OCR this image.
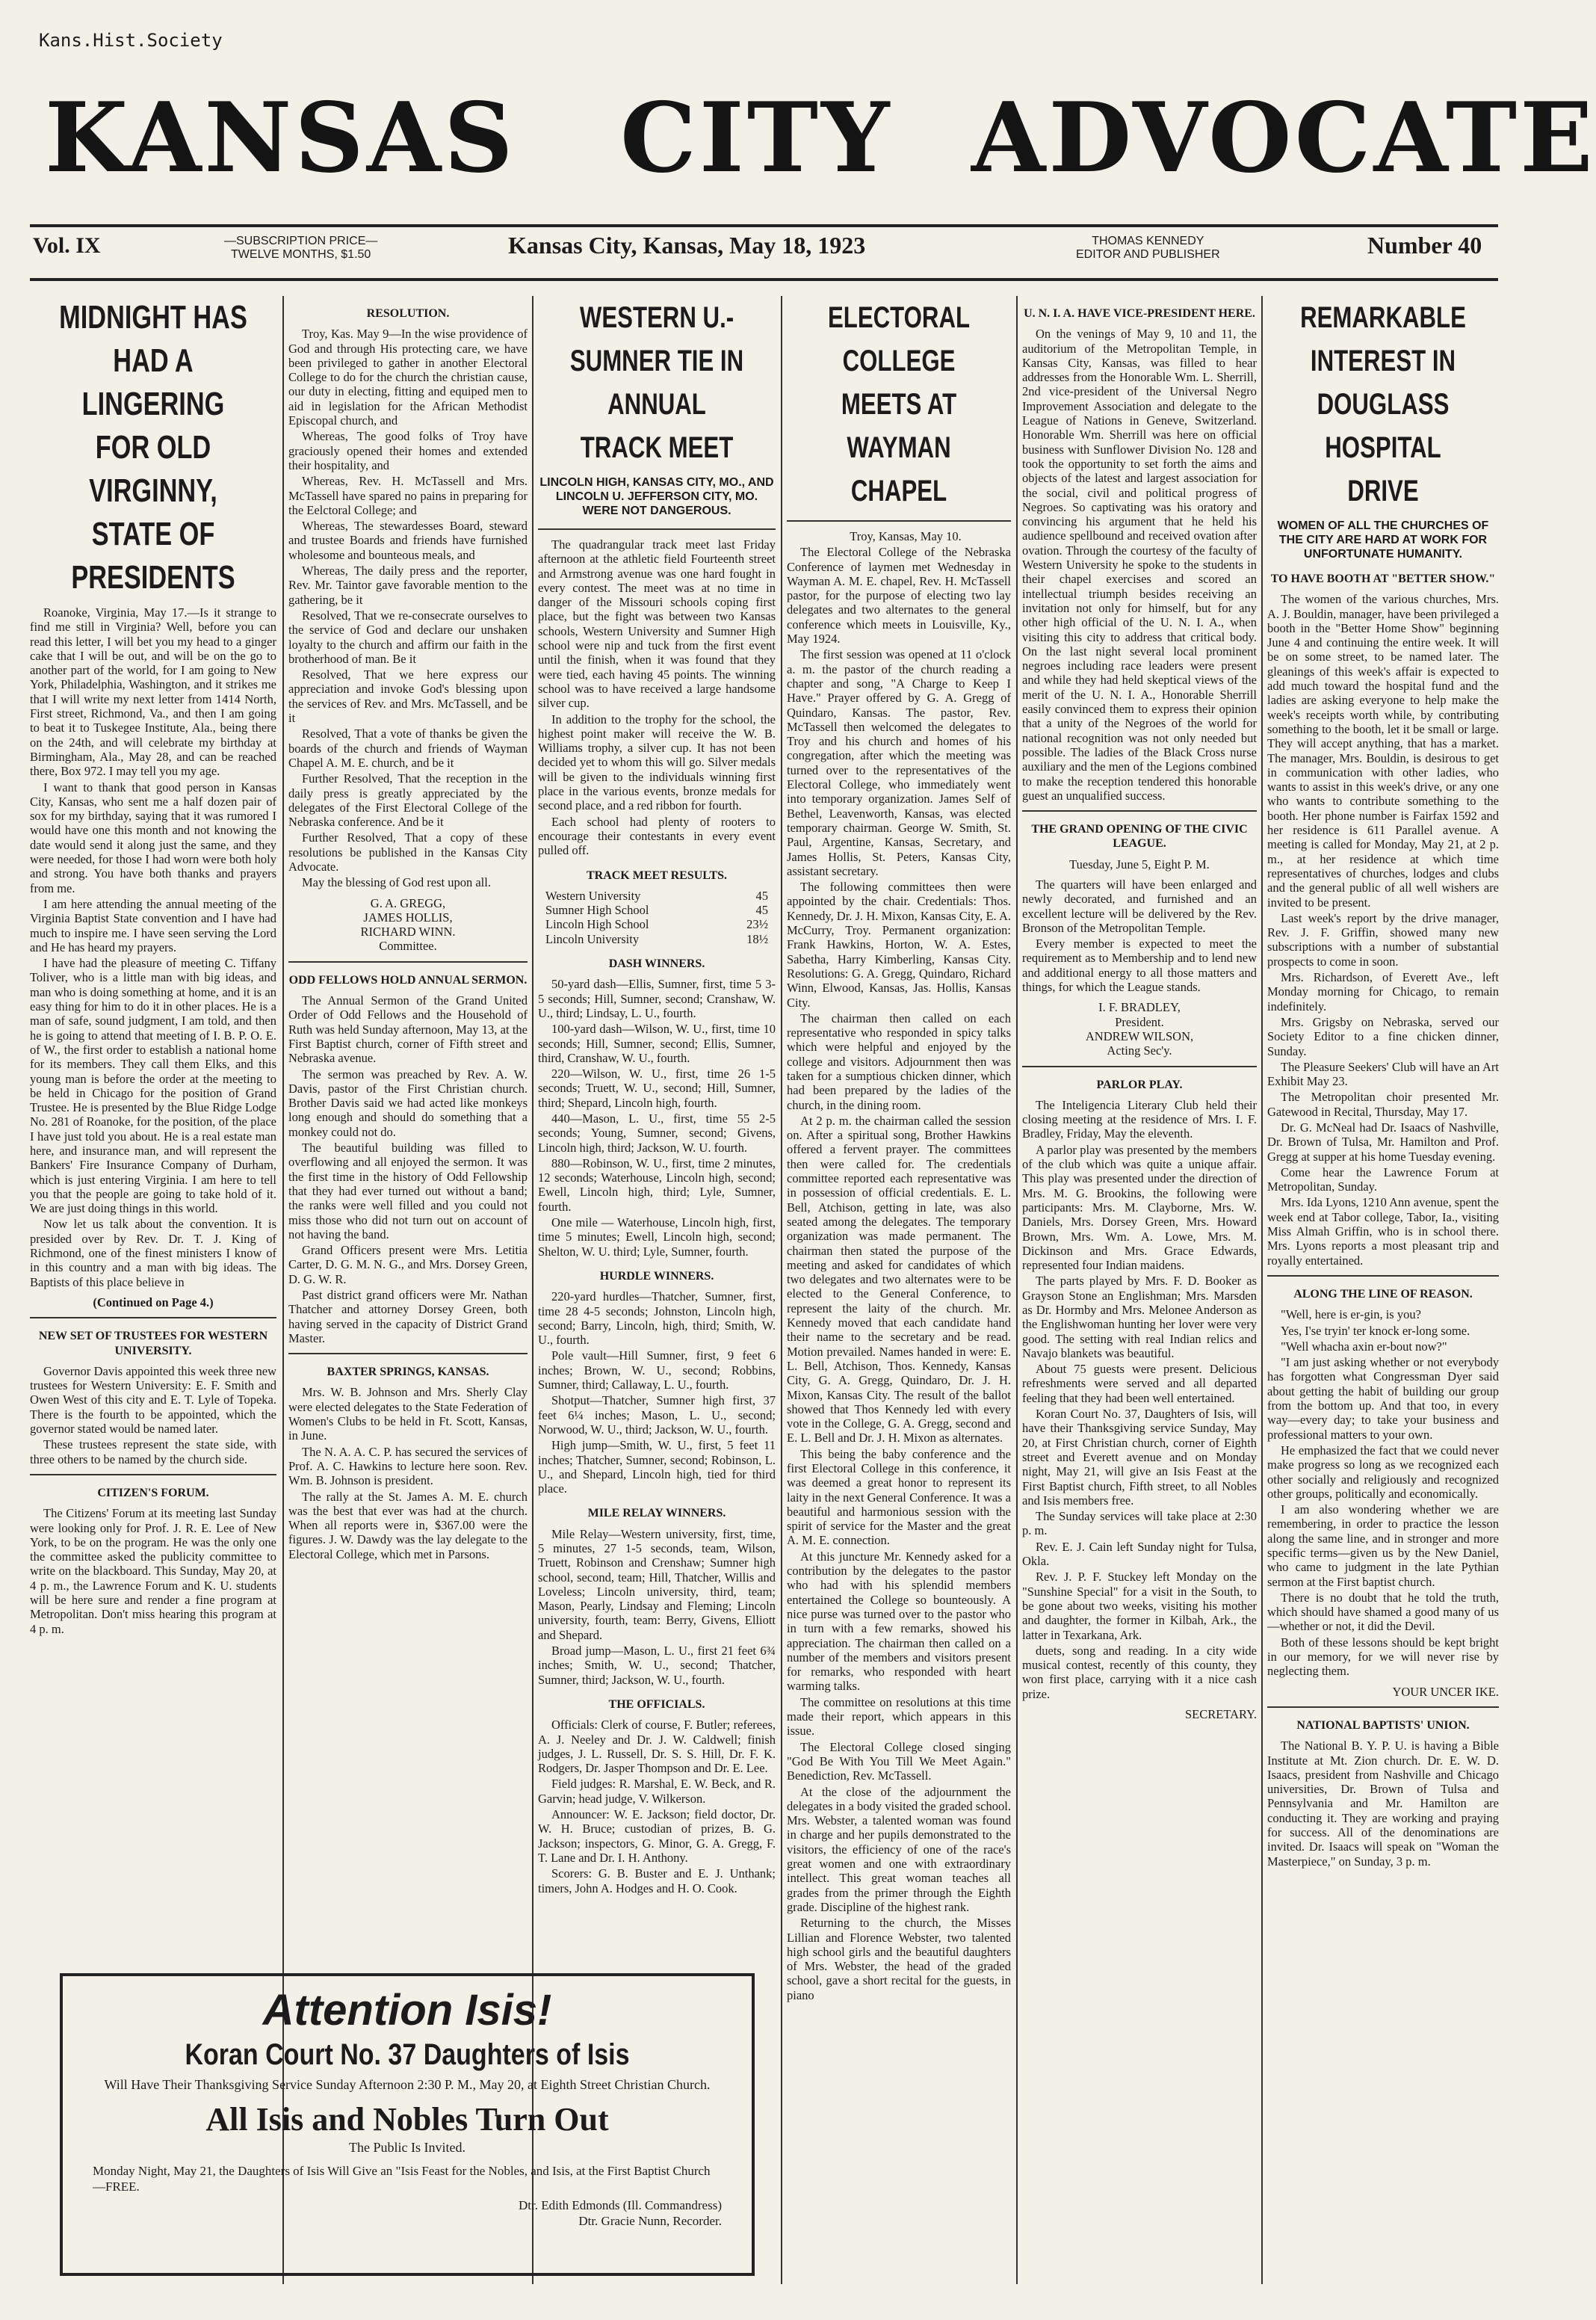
Kans.Hist.Society
KANSAS CITY ADVOCATE
Vol. IX	—SUBSCRIPTION PRICE—
TWELVE MONTHS, $1.50	Kansas City, Kansas, May 18, 1923	THOMAS KENNEDY
EDITOR AND PUBLISHER	Number 40
MIDNIGHT HAS HAD A LINGERING FOR OLD VIRGINNY, STATE OF PRESIDENTS

Roanoke, Virginia, May 17.—Is it strange to find me still in Virginia? Well, before you can read this letter, I will bet you my head to a ginger cake that I will be out, and will be on the go to another part of the world, for I am going to New York, Philadelphia, Washington, and it strikes me that I will write my next letter from 1414 North, First street, Richmond, Va., and then I am going to beat it to Tuskegee Institute, Ala., being there on the 24th, and will celebrate my birthday at Birmingham, Ala., May 28, and can be reached there, Box 972. I may tell you my age.

I want to thank that good person in Kansas City, Kansas, who sent me a half dozen pair of sox for my birthday, saying that it was rumored I would have one this month and not knowing the date would send it along just the same, and they were needed, for those I had worn were both holy and strong. You have both thanks and prayers from me.

I am here attending the annual meeting of the Virginia Baptist State convention and I have had much to inspire me. I have seen serving the Lord and He has heard my prayers.

I have had the pleasure of meeting C. Tiffany Toliver, who is a little man with big ideas, and man who is doing something at home, and it is an easy thing for him to do it in other places. He is a man of safe, sound judgment, I am told, and then he is going to attend that meeting of I. B. P. O. E. of W., the first order to establish a national home for its members. They call them Elks, and this young man is before the order at the meeting to be held in Chicago for the position of Grand Trustee. He is presented by the Blue Ridge Lodge No. 281 of Roanoke, for the position, of the place I have just told you about. He is a real estate man here, and insurance man, and will represent the Bankers' Fire Insurance Company of Durham, which is just entering Virginia. I am here to tell you that the people are going to take hold of it. We are just doing things in this world.

Now let us talk about the convention. It is presided over by Rev. Dr. T. J. King of Richmond, one of the finest ministers I know of in this country and a man with big ideas. The Baptists of this place believe in

(Continued on Page 4.)
NEW SET OF TRUSTEES FOR WESTERN UNIVERSITY.

Governor Davis appointed this week three new trustees for Western University: E. F. Smith and Owen West of this city and E. T. Lyle of Topeka. There is the fourth to be appointed, which the governor stated would be named later.

These trustees represent the state side, with three others to be named by the church side.

CITIZEN'S FORUM.

The Citizens' Forum at its meeting last Sunday were looking only for Prof. J. R. E. Lee of New York, to be on the program. He was the only one the committee asked the publicity committee to write on the blackboard. This Sunday, May 20, at 4 p. m., the Lawrence Forum and K. U. students will be here sure and render a fine program at Metropolitan. Don't miss hearing this program at 4 p. m.

RESOLUTION.

Troy, Kas. May 9—In the wise providence of God and through His protecting care, we have been privileged to gather in another Electoral College to do for the church the christian cause, our duty in electing, fitting and equiped men to aid in legislation for the African Methodist Episcopal church, and

Whereas, The good folks of Troy have graciously opened their homes and extended their hospitality, and

Whereas, Rev. H. McTassell and Mrs. McTassell have spared no pains in preparing for the Eelctoral College; and

Whereas, The stewardesses Board, steward and trustee Boards and friends have furnished wholesome and bounteous meals, and

Whereas, The daily press and the reporter, Rev. Mr. Taintor gave favorable mention to the gathering, be it

Resolved, That we re-consecrate ourselves to the service of God and declare our unshaken loyalty to the church and affirm our faith in the brotherhood of man. Be it

Resolved, That we here express our appreciation and invoke God's blessing upon the services of Rev. and Mrs. McTassell, and be it

Resolved, That a vote of thanks be given the boards of the church and friends of Wayman Chapel A. M. E. church, and be it

Further Resolved, That the reception in the daily press is greatly appreciated by the delegates of the First Electoral College of the Nebraska conference. And be it

Further Resolved, That a copy of these resolutions be published in the Kansas City Advocate.

May the blessing of God rest upon all.

G. A. GREGG,
JAMES HOLLIS,
RICHARD WINN.
Committee.
ODD FELLOWS HOLD ANNUAL SERMON.

The Annual Sermon of the Grand United Order of Odd Fellows and the Household of Ruth was held Sunday afternoon, May 13, at the First Baptist church, corner of Fifth street and Nebraska avenue.

The sermon was preached by Rev. A. W. Davis, pastor of the First Christian church. Brother Davis said we had acted like monkeys long enough and should do something that a monkey could not do.

The beautiful building was filled to overflowing and all enjoyed the sermon. It was the first time in the history of Odd Fellowship that they had ever turned out without a band; the ranks were well filled and you could not miss those who did not turn out on account of not having the band.

Grand Officers present were Mrs. Letitia Carter, D. G. M. N. G., and Mrs. Dorsey Green, D. G. W. R.

Past district grand officers were Mr. Nathan Thatcher and attorney Dorsey Green, both having served in the capacity of District Grand Master.

BAXTER SPRINGS, KANSAS.

Mrs. W. B. Johnson and Mrs. Sherly Clay were elected delegates to the State Federation of Women's Clubs to be held in Ft. Scott, Kansas, in June.

The N. A. A. C. P. has secured the services of Prof. A. C. Hawkins to lecture here soon. Rev. Wm. B. Johnson is president.

The rally at the St. James A. M. E. church was the best that ever was had at the church. When all reports were in, $367.00 were the figures. J. W. Dawdy was the lay delegate to the Electoral College, which met in Parsons.

WESTERN U.-SUMNER TIE IN ANNUAL TRACK MEET
LINCOLN HIGH, KANSAS CITY, MO., AND LINCOLN U. JEFFERSON CITY, MO. WERE NOT DANGEROUS.

The quadrangular track meet last Friday afternoon at the athletic field Fourteenth street and Armstrong avenue was one hard fought in every contest. The meet was at no time in danger of the Missouri schools coping first place, but the fight was between two Kansas schools, Western University and Sumner High school were nip and tuck from the first event until the finish, when it was found that they were tied, each having 45 points. The winning school was to have received a large handsome silver cup.

In addition to the trophy for the school, the highest point maker will receive the W. B. Williams trophy, a silver cup. It has not been decided yet to whom this will go. Silver medals will be given to the individuals winning first place in the various events, bronze medals for second place, and a red ribbon for fourth.

Each school had plenty of rooters to encourage their contestants in every event pulled off.

TRACK MEET RESULTS.
Western University	45
Sumner High School	45
Lincoln High School	23½
Lincoln University	18½
DASH WINNERS.

50-yard dash—Ellis, Sumner, first, time 5 3-5 seconds; Hill, Sumner, second; Cranshaw, W. U., third; Lindsay, L. U., fourth.

100-yard dash—Wilson, W. U., first, time 10 seconds; Hill, Sumner, second; Ellis, Sumner, third, Cranshaw, W. U., fourth.

220—Wilson, W. U., first, time 26 1-5 seconds; Truett, W. U., second; Hill, Sumner, third; Shepard, Lincoln high, fourth.

440—Mason, L. U., first, time 55 2-5 seconds; Young, Sumner, second; Givens, Lincoln high, third; Jackson, W. U. fourth.

880—Robinson, W. U., first, time 2 minutes, 12 seconds; Waterhouse, Lincoln high, second; Ewell, Lincoln high, third; Lyle, Sumner, fourth.

One mile — Waterhouse, Lincoln high, first, time 5 minutes; Ewell, Lincoln high, second; Shelton, W. U. third; Lyle, Sumner, fourth.

HURDLE WINNERS.

220-yard hurdles—Thatcher, Sumner, first, time 28 4-5 seconds; Johnston, Lincoln high, second; Barry, Lincoln, high, third; Smith, W. U., fourth.

Pole vault—Hill Sumner, first, 9 feet 6 inches; Brown, W. U., second; Robbins, Sumner, third; Callaway, L. U., fourth.

Shotput—Thatcher, Sumner high first, 37 feet 6¼ inches; Mason, L. U., second; Norwood, W. U., third; Jackson, W. U., fourth.

High jump—Smith, W. U., first, 5 feet 11 inches; Thatcher, Sumner, second; Robinson, L. U., and Shepard, Lincoln high, tied for third place.

MILE RELAY WINNERS.

Mile Relay—Western university, first, time, 5 minutes, 27 1-5 seconds, team, Wilson, Truett, Robinson and Crenshaw; Sumner high school, second, team; Hill, Thatcher, Willis and Loveless; Lincoln university, third, team; Mason, Pearly, Lindsay and Fleming; Lincoln university, fourth, team: Berry, Givens, Elliott and Shepard.

Broad jump—Mason, L. U., first 21 feet 6¾ inches; Smith, W. U., second; Thatcher, Sumner, third; Jackson, W. U., fourth.

THE OFFICIALS.

Officials: Clerk of course, F. Butler; referees, A. J. Neeley and Dr. J. W. Caldwell; finish judges, J. L. Russell, Dr. S. S. Hill, Dr. F. K. Rodgers, Dr. Jasper Thompson and Dr. E. Lee.

Field judges: R. Marshal, E. W. Beck, and R. Garvin; head judge, V. Wilkerson.

Announcer: W. E. Jackson; field doctor, Dr. W. H. Bruce; custodian of prizes, B. G. Jackson; inspectors, G. Minor, G. A. Gregg, F. T. Lane and Dr. I. H. Anthony.

Scorers: G. B. Buster and E. J. Unthank; timers, John A. Hodges and H. O. Cook.

ELECTORAL COLLEGE MEETS AT WAYMAN CHAPEL

Troy, Kansas, May 10.

The Electoral College of the Nebraska Conference of laymen met Wednesday in Wayman A. M. E. chapel, Rev. H. McTassell pastor, for the purpose of electing two lay delegates and two alternates to the general conference which meets in Louisville, Ky., May 1924.

The first session was opened at 11 o'clock a. m. the pastor of the church reading a chapter and song, "A Charge to Keep I Have." Prayer offered by G. A. Gregg of Quindaro, Kansas. The pastor, Rev. McTassell then welcomed the delegates to Troy and his church and homes of his congregation, after which the meeting was turned over to the representatives of the Electoral College, who immediately went into temporary organization. James Self of Bethel, Leavenworth, Kansas, was elected temporary chairman. George W. Smith, St. Paul, Argentine, Kansas, Secretary, and James Hollis, St. Peters, Kansas City, assistant secretary.

The following committees then were appointed by the chair. Credentials: Thos. Kennedy, Dr. J. H. Mixon, Kansas City, E. A. McCurry, Troy. Permanent organization: Frank Hawkins, Horton, W. A. Estes, Sabetha, Harry Kimberling, Kansas City. Resolutions: G. A. Gregg, Quindaro, Richard Winn, Elwood, Kansas, Jas. Hollis, Kansas City.

The chairman then called on each representative who responded in spicy talks which were helpful and enjoyed by the college and visitors. Adjournment then was taken for a sumptious chicken dinner, which had been prepared by the ladies of the church, in the dining room.

At 2 p. m. the chairman called the session on. After a spiritual song, Brother Hawkins offered a fervent prayer. The committees then were called for. The credentials committee reported each representative was in possession of official credentials. E. L. Bell, Atchison, getting in late, was also seated among the delegates. The temporary organization was made permanent. The chairman then stated the purpose of the meeting and asked for candidates of which two delegates and two alternates were to be elected to the General Conference, to represent the laity of the church. Mr. Kennedy moved that each candidate hand their name to the secretary and be read. Motion prevailed. Names handed in were: E. L. Bell, Atchison, Thos. Kennedy, Kansas City, G. A. Gregg, Quindaro, Dr. J. H. Mixon, Kansas City. The result of the ballot showed that Thos Kennedy led with every vote in the College, G. A. Gregg, second and E. L. Bell and Dr. J. H. Mixon as alternates.

This being the baby conference and the first Electoral College in this conference, it was deemed a great honor to represent its laity in the next General Conference. It was a beautiful and harmonious session with the spirit of service for the Master and the great A. M. E. connection.

At this juncture Mr. Kennedy asked for a contribution by the delegates to the pastor who had with his splendid members entertained the College so bounteously. A nice purse was turned over to the pastor who in turn with a few remarks, showed his appreciation. The chairman then called on a number of the members and visitors present for remarks, who responded with heart warming talks.

The committee on resolutions at this time made their report, which appears in this issue.

The Electoral College closed singing "God Be With You Till We Meet Again." Benediction, Rev. McTassell.

At the close of the adjournment the delegates in a body visited the graded school. Mrs. Webster, a talented woman was found in charge and her pupils demonstrated to the visitors, the efficiency of one of the race's great women and one with extraordinary intellect. This great woman teaches all grades from the primer through the Eighth grade. Discipline of the highest rank.

Returning to the church, the Misses Lillian and Florence Webster, two talented high school girls and the beautiful daughters of Mrs. Webster, the head of the graded school, gave a short recital for the guests, in piano

U. N. I. A. HAVE VICE-PRESIDENT HERE.

On the venings of May 9, 10 and 11, the auditorium of the Metropolitan Temple, in Kansas City, Kansas, was filled to hear addresses from the Honorable Wm. L. Sherrill, 2nd vice-president of the Universal Negro Improvement Association and delegate to the League of Nations in Geneve, Switzerland. Honorable Wm. Sherrill was here on official business with Sunflower Division No. 128 and took the opportunity to set forth the aims and objects of the latest and largest association for the social, civil and political progress of Negroes. So captivating was his oratory and convincing his argument that he held his audience spellbound and received ovation after ovation. Through the courtesy of the faculty of Western University he spoke to the students in their chapel exercises and scored an intellectual triumph besides receiving an invitation not only for himself, but for any other high official of the U. N. I. A., when visiting this city to address that critical body. On the last night several local prominent negroes including race leaders were present and while they had held skeptical views of the merit of the U. N. I. A., Honorable Sherrill easily convinced them to express their opinion that a unity of the Negroes of the world for national recognition was not only needed but possible. The ladies of the Black Cross nurse auxiliary and the men of the Legions combined to make the reception tendered this honorable guest an unqualified success.

THE GRAND OPENING OF THE CIVIC LEAGUE.
Tuesday, June 5, Eight P. M.

The quarters will have been enlarged and newly decorated, and furnished and an excellent lecture will be delivered by the Rev. Bronson of the Metropolitan Temple.

Every member is expected to meet the requirement as to Membership and to lend new and additional energy to all those matters and things, for which the League stands.

I. F. BRADLEY,
President.
ANDREW WILSON,
Acting Sec'y.
PARLOR PLAY.

The Inteligencia Literary Club held their closing meeting at the residence of Mrs. I. F. Bradley, Friday, May the eleventh.

A parlor play was presented by the members of the club which was quite a unique affair. This play was presented under the direction of Mrs. M. G. Brookins, the following were participants: Mrs. M. Clayborne, Mrs. W. Daniels, Mrs. Dorsey Green, Mrs. Howard Brown, Mrs. Wm. A. Lowe, Mrs. M. Dickinson and Mrs. Grace Edwards, represented four Indian maidens.

The parts played by Mrs. F. D. Booker as Grayson Stone an Englishman; Mrs. Marsden as Dr. Hormby and Mrs. Melonee Anderson as the Englishwoman hunting her lover were very good. The setting with real Indian relics and Navajo blankets was beautiful.

About 75 guests were present. Delicious refreshments were served and all departed feeling that they had been well entertained.

Koran Court No. 37, Daughters of Isis, will have their Thanksgiving service Sunday, May 20, at First Christian church, corner of Eighth street and Everett avenue and on Monday night, May 21, will give an Isis Feast at the First Baptist church, Fifth street, to all Nobles and Isis members free.

The Sunday services will take place at 2:30 p. m.

Rev. E. J. Cain left Sunday night for Tulsa, Okla.

Rev. J. P. F. Stuckey left Monday on the "Sunshine Special" for a visit in the South, to be gone about two weeks, visiting his mother and daughter, the former in Kilbah, Ark., the latter in Texarkana, Ark.

duets, song and reading. In a city wide musical contest, recently of this county, they won first place, carrying with it a nice cash prize.

SECRETARY.
REMARKABLE INTEREST IN DOUGLASS HOSPITAL DRIVE
WOMEN OF ALL THE CHURCHES OF THE CITY ARE HARD AT WORK FOR UNFORTUNATE HUMANITY.
TO HAVE BOOTH AT "BETTER SHOW."

The women of the various churches, Mrs. A. J. Bouldin, manager, have been privileged a booth in the "Better Home Show" beginning June 4 and continuing the entire week. It will be on some street, to be named later. The gleanings of this week's affair is expected to add much toward the hospital fund and the ladies are asking everyone to help make the week's receipts worth while, by contributing something to the booth, let it be small or large. They will accept anything, that has a market. The manager, Mrs. Bouldin, is desirous to get in communication with other ladies, who wants to assist in this week's drive, or any one who wants to contribute something to the booth. Her phone number is Fairfax 1592 and her residence is 611 Parallel avenue. A meeting is called for Monday, May 21, at 2 p. m., at her residence at which time representatives of churches, lodges and clubs and the general public of all well wishers are invited to be present.

Last week's report by the drive manager, Rev. J. F. Griffin, showed many new subscriptions with a number of substantial prospects to come in soon.

Mrs. Richardson, of Everett Ave., left Monday morning for Chicago, to remain indefinitely.

Mrs. Grigsby on Nebraska, served our Society Editor to a fine chicken dinner, Sunday.

The Pleasure Seekers' Club will have an Art Exhibit May 23.

The Metropolitan choir presented Mr. Gatewood in Recital, Thursday, May 17.

Dr. G. McNeal had Dr. Isaacs of Nashville, Dr. Brown of Tulsa, Mr. Hamilton and Prof. Gregg at supper at his home Tuesday evening.

Come hear the Lawrence Forum at Metropolitan, Sunday.

Mrs. Ida Lyons, 1210 Ann avenue, spent the week end at Tabor college, Tabor, Ia., visiting Miss Almah Griffin, who is in school there. Mrs. Lyons reports a most pleasant trip and royally entertained.

ALONG THE LINE OF REASON.

"Well, here is er-gin, is you?

Yes, I'se tryin' ter knock er-long some.

"Well whacha axin er-bout now?"

"I am just asking whether or not everybody has forgotten what Congressman Dyer said about getting the habit of building our group from the bottom up. And that too, in every way—every day; to take your business and professional matters to your own.

He emphasized the fact that we could never make progress so long as we recognized each other socially and religiously and recognized other groups, politically and economically.

I am also wondering whether we are remembering, in order to practice the lesson along the same line, and in stronger and more specific terms—given us by the New Daniel, who came to judgment in the late Pythian sermon at the First baptist church.

There is no doubt that he told the truth, which should have shamed a good many of us—whether or not, it did the Devil.

Both of these lessons should be kept bright in our memory, for we will never rise by neglecting them.

YOUR UNCER IKE.
NATIONAL BAPTISTS' UNION.

The National B. Y. P. U. is having a Bible Institute at Mt. Zion church. Dr. E. W. D. Isaacs, president from Nashville and Chicago universities, Dr. Brown of Tulsa and Pennsylvania and Mr. Hamilton are conducting it. They are working and praying for success. All of the denominations are invited. Dr. Isaacs will speak on "Woman the Masterpiece," on Sunday, 3 p. m.

Attention Isis!
Koran Court No. 37 Daughters of Isis
Will Have Their Thanksgiving Service Sunday Afternoon 2:30 P. M., May 20, at Eighth Street Christian Church.
All Isis and Nobles Turn Out
The Public Is Invited.
Monday Night, May 21, the Daughters of Isis Will Give an "Isis Feast for the Nobles, and Isis, at the First Baptist Church—FREE.
Dtr. Edith Edmonds (Ill. Commandress)
Dtr. Gracie Nunn, Recorder.
